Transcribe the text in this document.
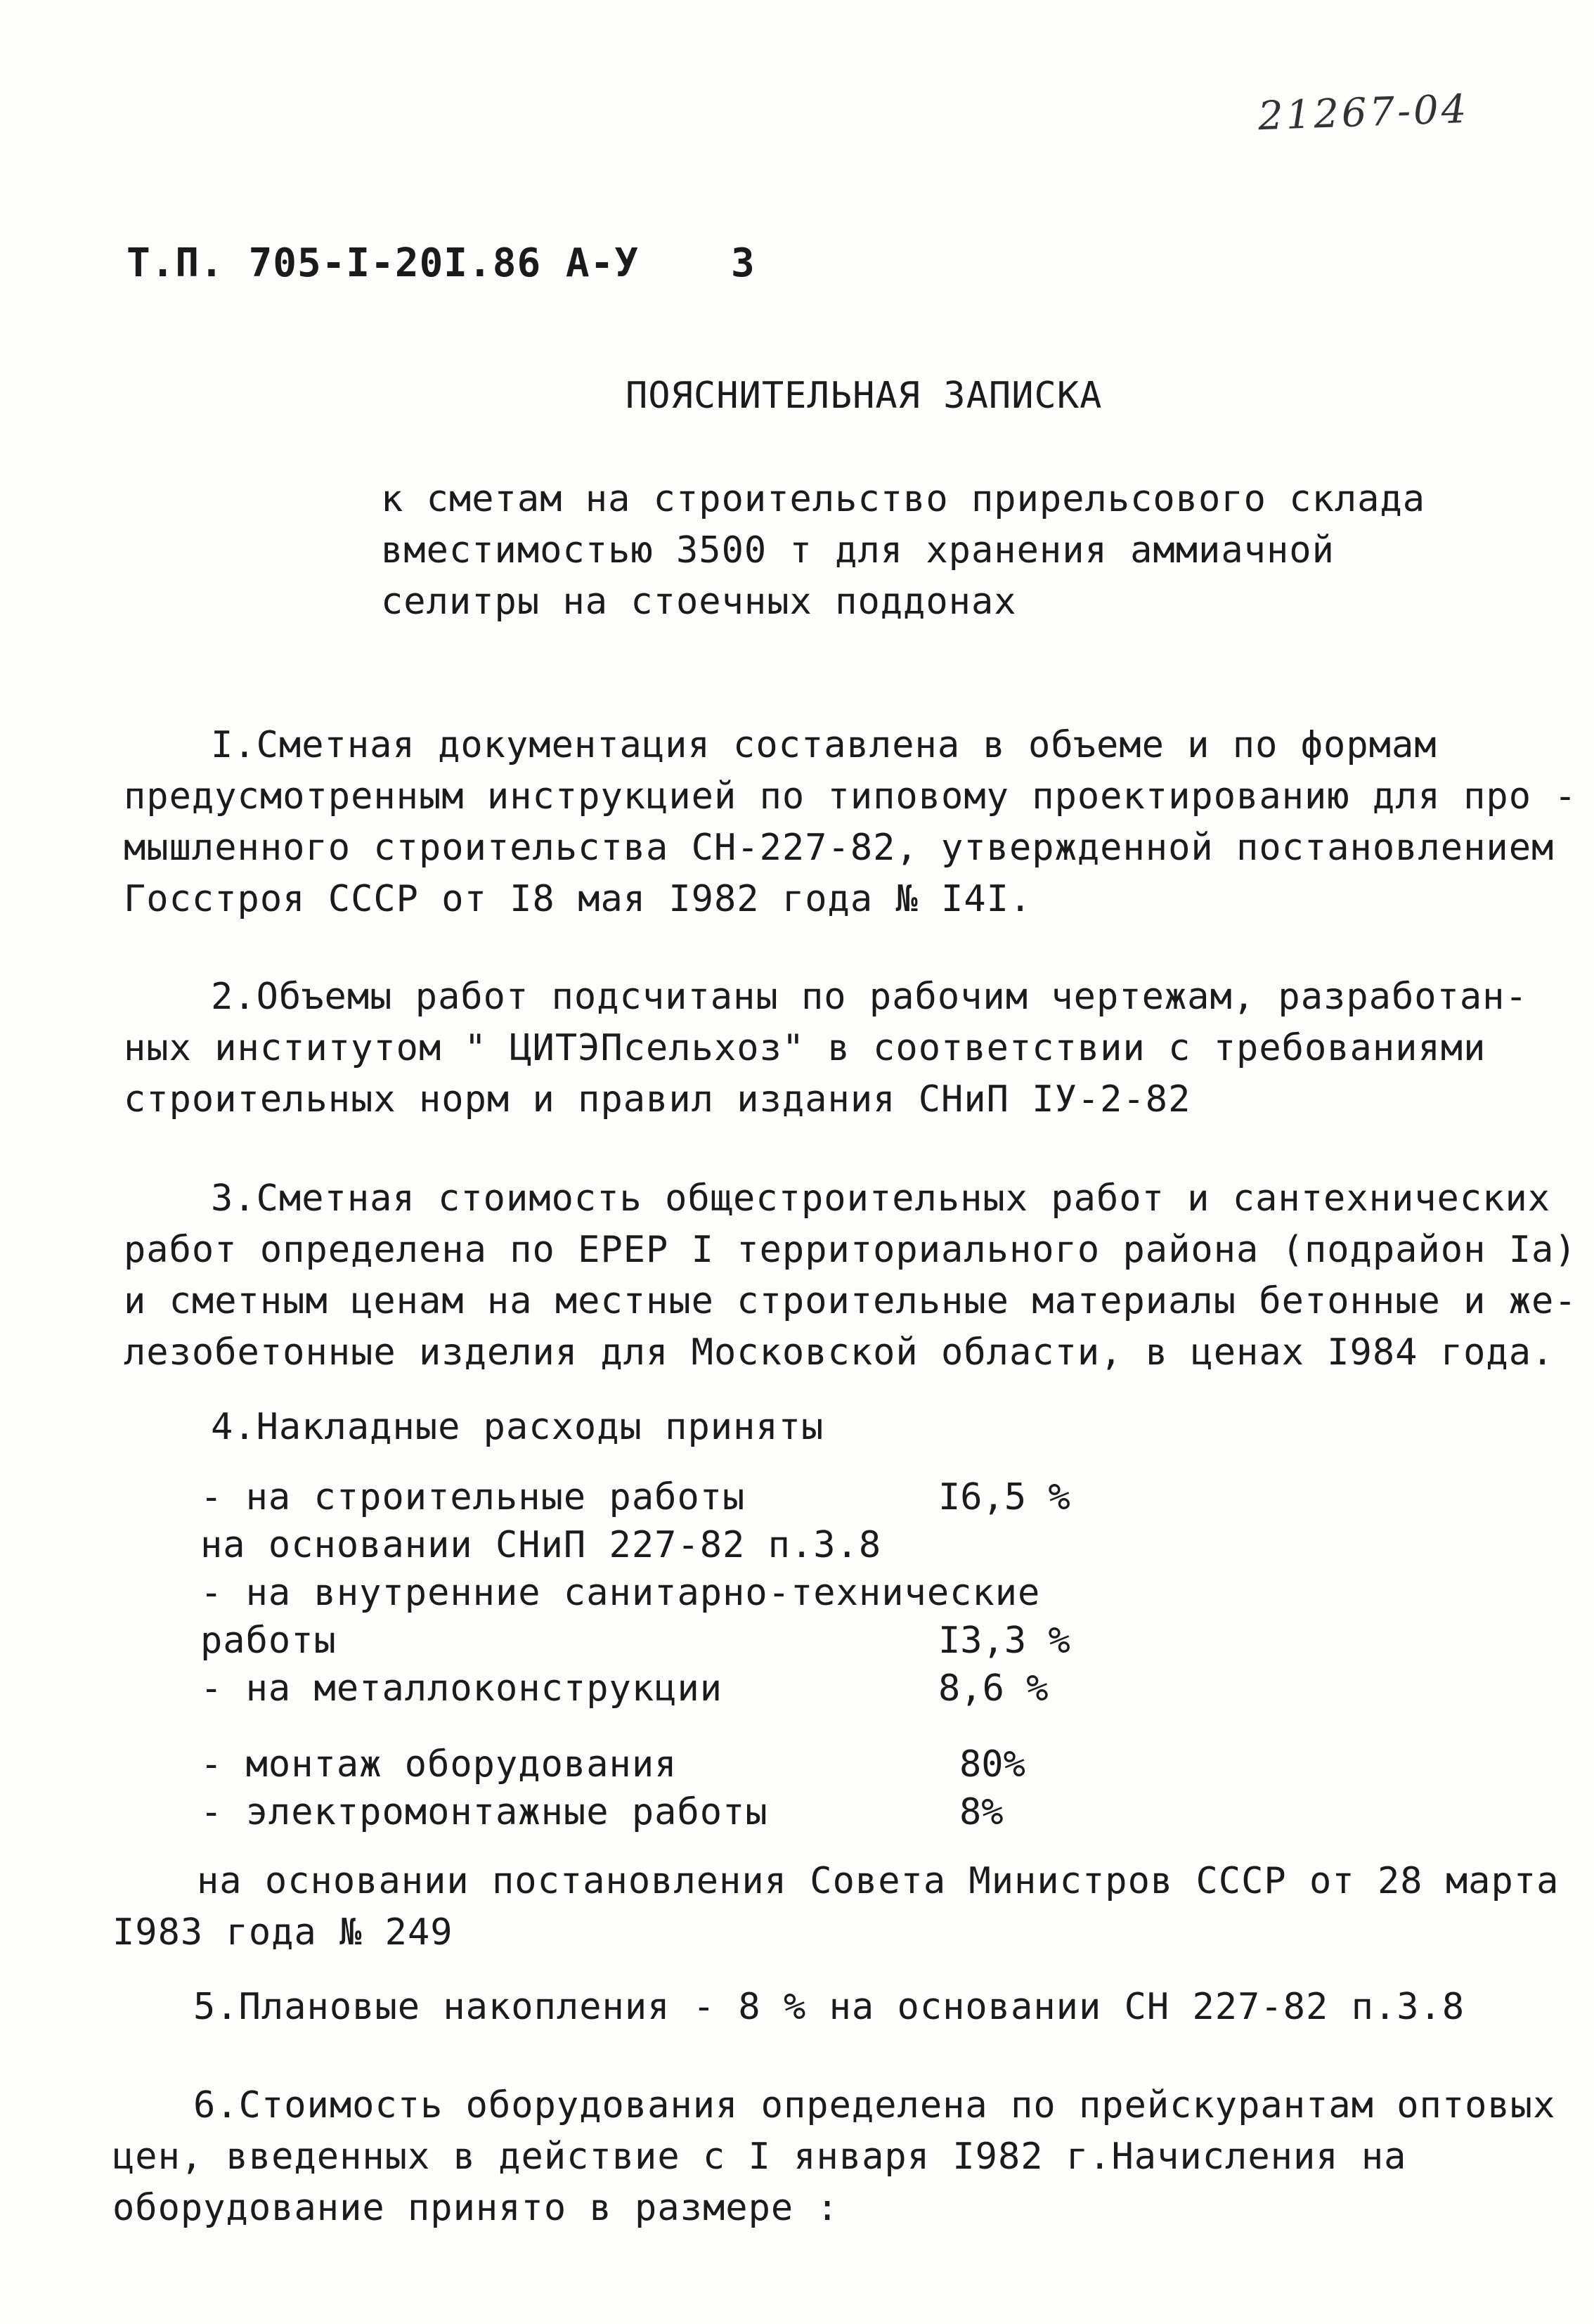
21267-04
Т.П. 705-I-20I.86 А-У 3
ПОЯСНИТЕЛЬНАЯ ЗАПИСКА
к сметам на строительство прирельсового склада
вместимостью 3500 т для хранения аммиачной
селитры на стоечных поддонах
I.Сметная документация составлена в объеме и по формам
предусмотренным инструкцией по типовому проектированию для про -
мышленного строительства СН-227-82, утвержденной постановлением
Госстроя СССР от I8 мая I982 года № I4I.
2.Объемы работ подсчитаны по рабочим чертежам, разработан-
ных институтом " ЦИТЭПсельхоз" в соответствии с требованиями
строительных норм и правил издания СНиП IУ-2-82
3.Сметная стоимость общестроительных работ и сантехнических
работ определена по ЕРЕР I территориального района (подрайон Iа)
и сметным ценам на местные строительные материалы бетонные и же-
лезобетонные изделия для Московской области, в ценах I984 года.
4.Накладные расходы приняты
- на строительные работы	I6,5 %
на основании СНиП 227-82 п.3.8
- на внутренние санитарно-технические
работы	I3,3 %
- на металлоконструкции	8,6 %
- монтаж оборудования	80%
- электромонтажные работы	8%
на основании постановления Совета Министров СССР от 28 марта
I983 года № 249
5.Плановые накопления - 8 % на основании СН 227-82 п.3.8
6.Стоимость оборудования определена по прейскурантам оптовых
цен, введенных в действие с I января I982 г.Начисления на
оборудование принято в размере :
